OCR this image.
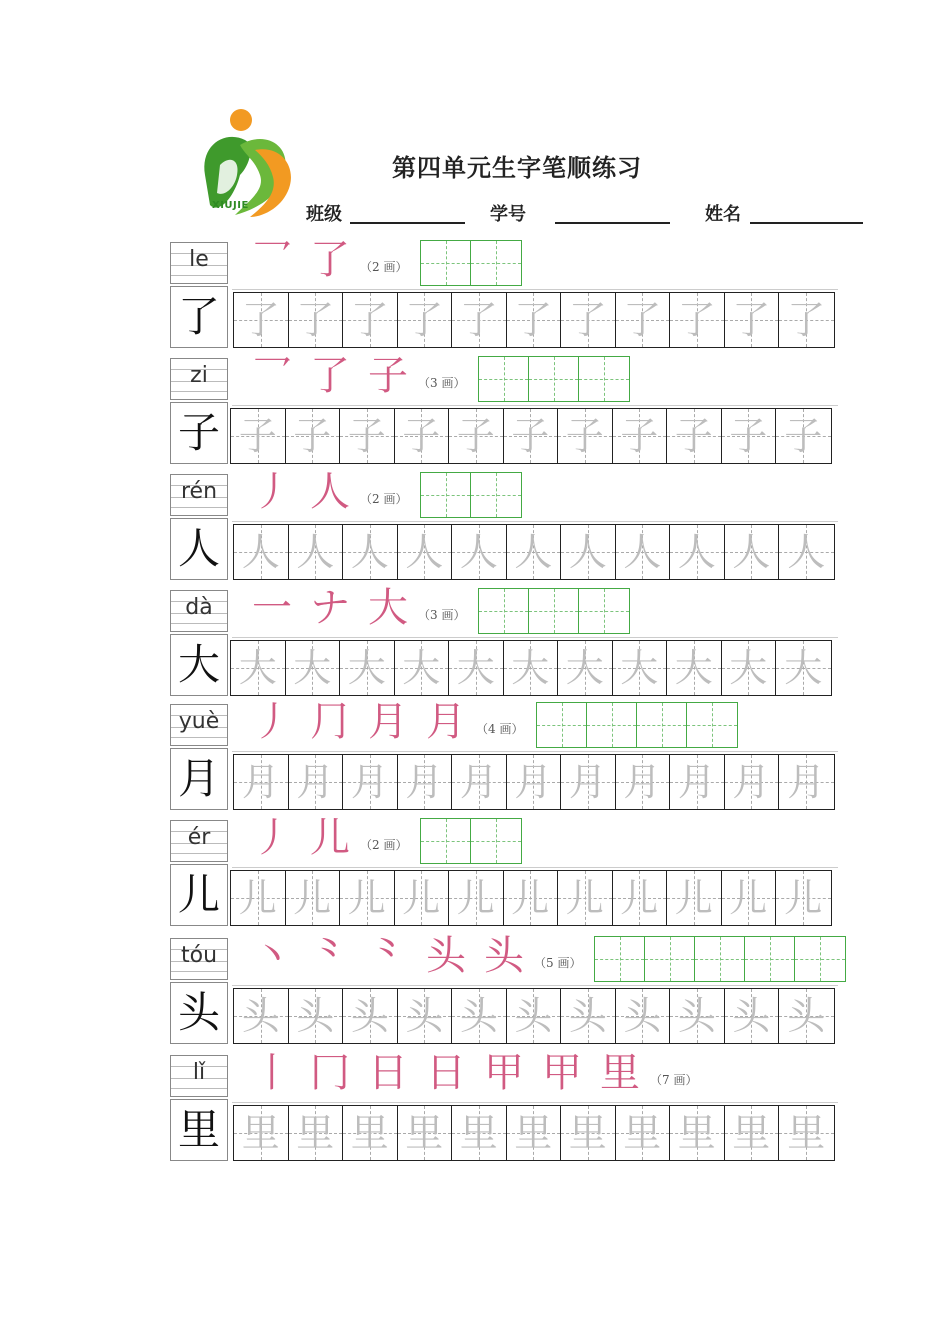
XIUJIE
第四单元生字笔顺练习
班级	学号	姓名
le
了
乛 了 （2 画）
了 了 了 了 了 了 了 了 了 了 了
zi
子
乛 了 子 （3 画）
子 子 子 子 子 子 子 子 子 子 子
rén
人
丿 人 （2 画）
人 人 人 人 人 人 人 人 人 人 人
dà
大
一 ナ 大 （3 画）
大 大 大 大 大 大 大 大 大 大 大
yuè
月
丿 ⺆ 月 月 （4 画）
月 月 月 月 月 月 月 月 月 月 月
ér
儿
丿 儿 （2 画）
儿 儿 儿 儿 儿 儿 儿 儿 儿 儿 儿
tóu
头
丶 ⺀ ⺀ 头 头 （5 画）
头 头 头 头 头 头 头 头 头 头 头
lǐ
里
丨 冂 日 日 甲 甲 里 （7 画）
里 里 里 里 里 里 里 里 里 里 里
